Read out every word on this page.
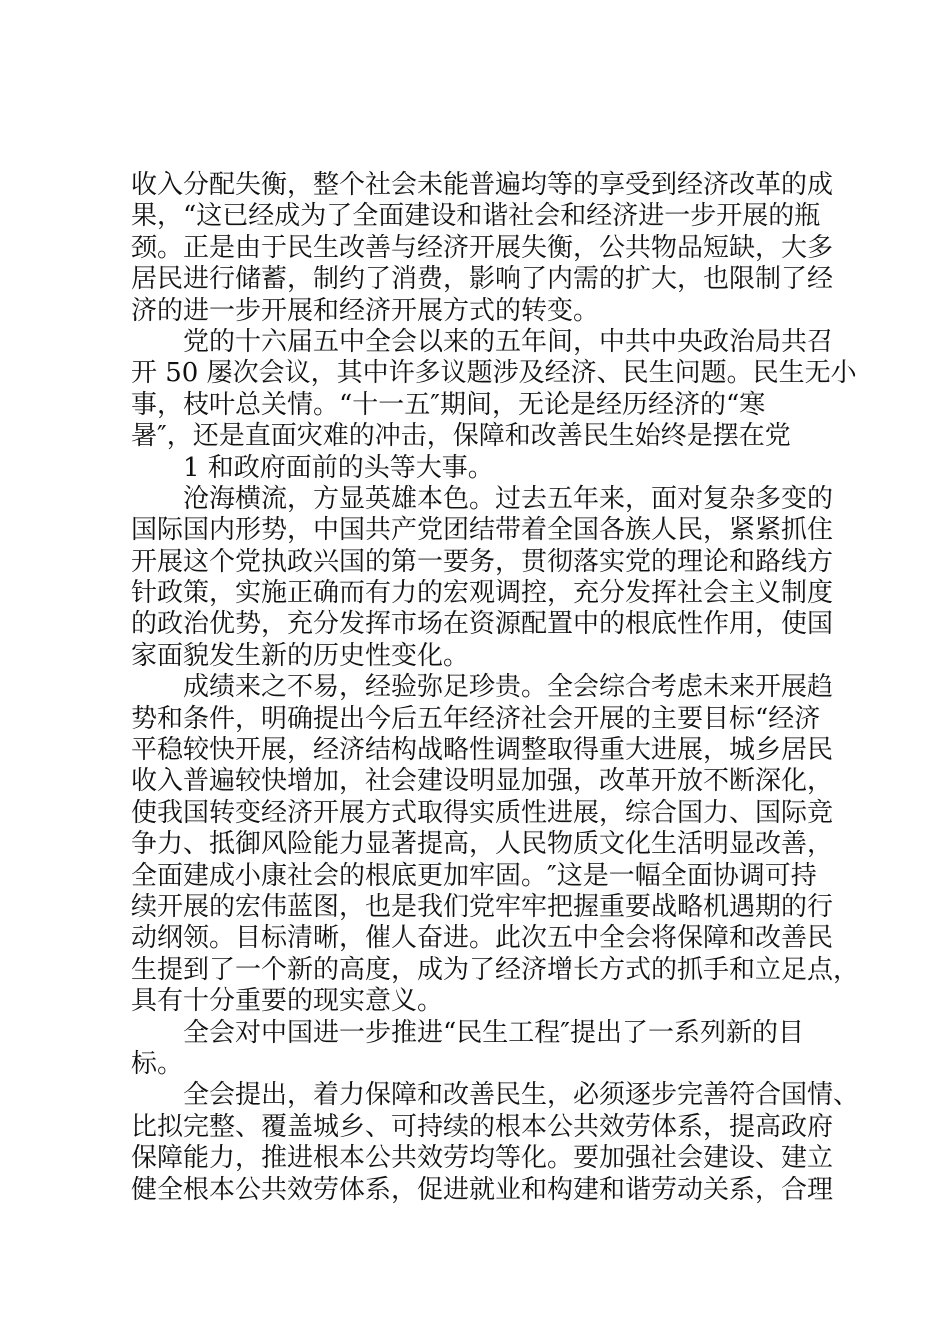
收入分配失衡，整个社会未能普遍均等的享受到经济改革的成
果，“这已经成为了全面建设和谐社会和经济进一步开展的瓶
颈。正是由于民生改善与经济开展失衡，公共物品短缺，大多
居民进行储蓄，制约了消费，影响了内需的扩大，也限制了经
济的进一步开展和经济开展方式的转变。
党的十六届五中全会以来的五年间，中共中央政治局共召
开 50 屡次会议，其中许多议题涉及经济、民生问题。民生无小
事，枝叶总关情。“十一五″期间，无论是经历经济的“寒
暑″，还是直面灾难的冲击，保障和改善民生始终是摆在党
1 和政府面前的头等大事。
沧海横流，方显英雄本色。过去五年来，面对复杂多变的
国际国内形势，中国共产党团结带着全国各族人民，紧紧抓住
开展这个党执政兴国的第一要务，贯彻落实党的理论和路线方
针政策，实施正确而有力的宏观调控，充分发挥社会主义制度
的政治优势，充分发挥市场在资源配置中的根底性作用，使国
家面貌发生新的历史性变化。
成绩来之不易，经验弥足珍贵。全会综合考虑未来开展趋
势和条件，明确提出今后五年经济社会开展的主要目标“经济
平稳较快开展，经济结构战略性调整取得重大进展，城乡居民
收入普遍较快增加，社会建设明显加强，改革开放不断深化，
使我国转变经济开展方式取得实质性进展，综合国力、国际竞
争力、抵御风险能力显著提高，人民物质文化生活明显改善，
全面建成小康社会的根底更加牢固。″这是一幅全面协调可持
续开展的宏伟蓝图，也是我们党牢牢把握重要战略机遇期的行
动纲领。目标清晰，催人奋进。此次五中全会将保障和改善民
生提到了一个新的高度，成为了经济增长方式的抓手和立足点，
具有十分重要的现实意义。
全会对中国进一步推进“民生工程″提出了一系列新的目
标。
全会提出，着力保障和改善民生，必须逐步完善符合国情、
比拟完整、覆盖城乡、可持续的根本公共效劳体系，提高政府
保障能力，推进根本公共效劳均等化。要加强社会建设、建立
健全根本公共效劳体系，促进就业和构建和谐劳动关系，合理
